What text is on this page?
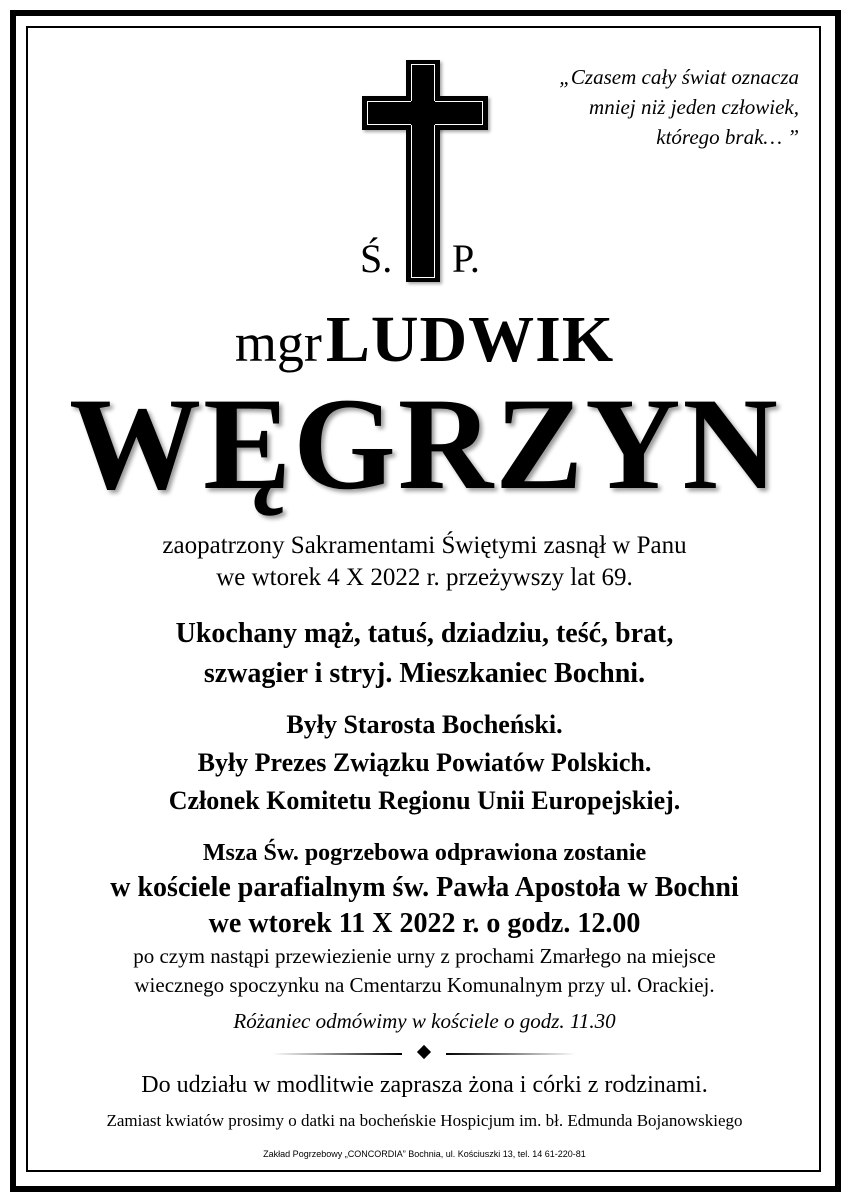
Ś. P.
„Czasem cały świat oznacza
mniej niż jeden człowiek,
którego brak… ”
mgr LUDWIK
WĘGRZYN
zaopatrzony Sakramentami Świętymi zasnął w Panu
we wtorek 4 X 2022 r. przeżywszy lat 69.
Ukochany mąż, tatuś, dziadziu, teść, brat,
szwagier i stryj. Mieszkaniec Bochni.
Były Starosta Bocheński.
Były Prezes Związku Powiatów Polskich.
Członek Komitetu Regionu Unii Europejskiej.
Msza Św. pogrzebowa odprawiona zostanie
w kościele parafialnym św. Pawła Apostoła w Bochni
we wtorek 11 X 2022 r. o godz. 12.00
po czym nastąpi przewiezienie urny z prochami Zmarłego na miejsce
wiecznego spoczynku na Cmentarzu Komunalnym przy ul. Orackiej.
Różaniec odmówimy w kościele o godz. 11.30
Do udziału w modlitwie zaprasza żona i córki z rodzinami.
Zamiast kwiatów prosimy o datki na bocheńskie Hospicjum im. bł. Edmunda Bojanowskiego
Zakład Pogrzebowy „CONCORDIA” Bochnia, ul. Kościuszki 13, tel. 14 61-220-81
